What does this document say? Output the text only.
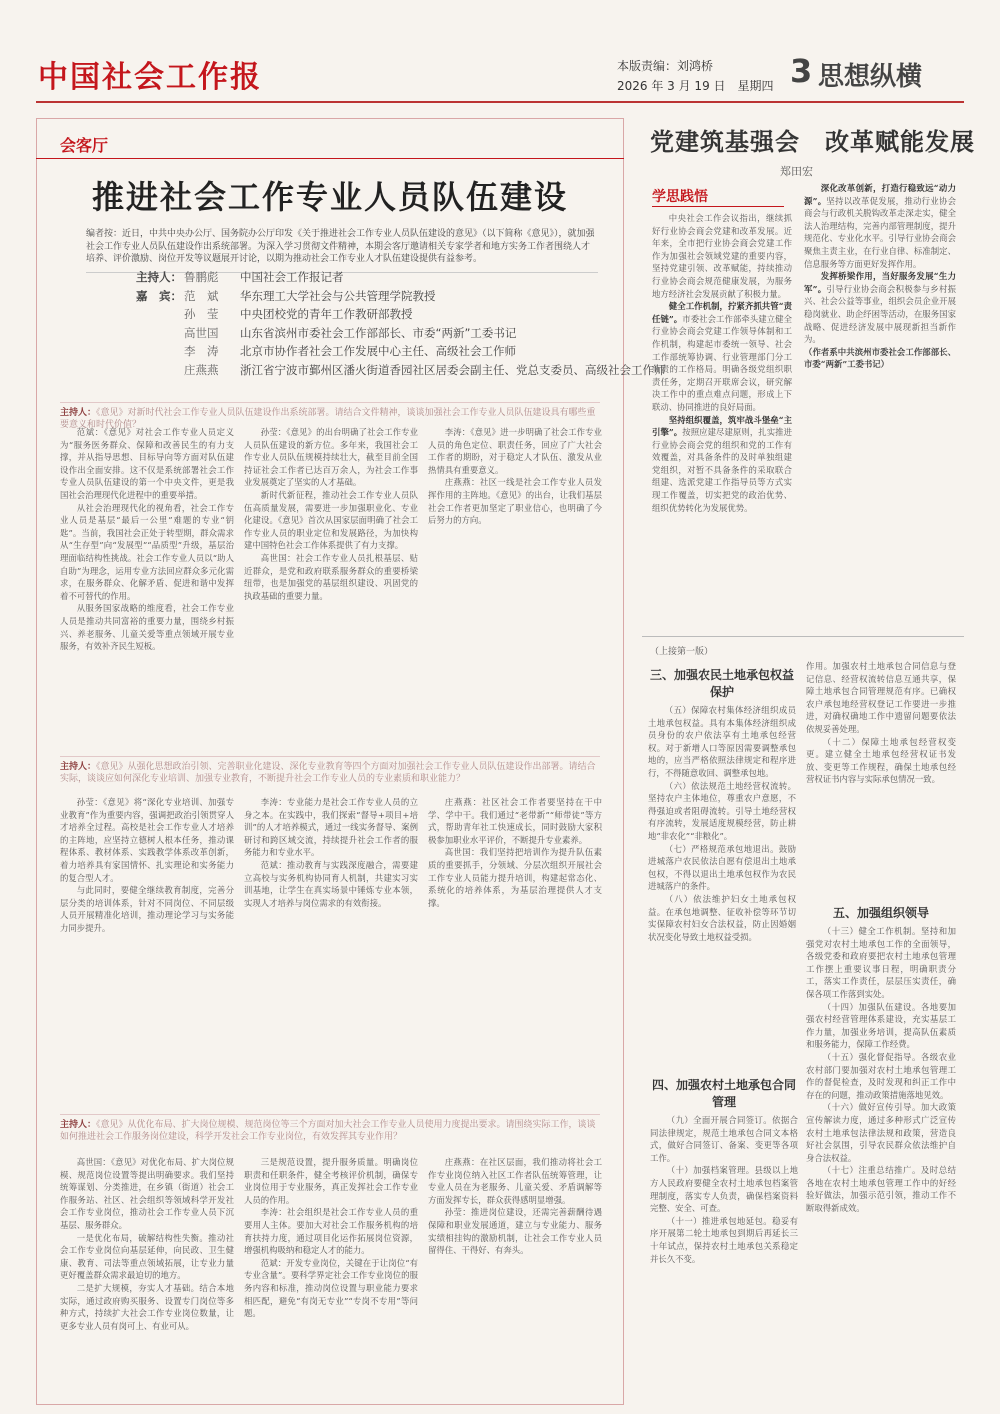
中国社会工作报	本版责编：刘鸿桥
2026 年 3 月 19 日　星期四 3 思想纵横
会客厅
推进社会工作专业人员队伍建设
编者按：近日，中共中央办公厅、国务院办公厅印发《关于推进社会工作专业人员队伍建设的意见》（以下简称《意见》），就加强社会工作专业人员队伍建设作出系统部署。为深入学习贯彻文件精神，本期会客厅邀请相关专家学者和地方实务工作者围绕人才培养、评价激励、岗位开发等议题展开讨论，以期为推动社会工作专业人才队伍建设提供有益参考。
主持人： 鲁鹏彪 中国社会工作报记者
嘉　宾： 范　斌 华东理工大学社会与公共管理学院教授
孙　莹 中央团校党的青年工作教研部教授
高世国 山东省滨州市委社会工作部部长、市委“两新”工委书记
李　涛 北京市协作者社会工作发展中心主任、高级社会工作师
庄燕燕 浙江省宁波市鄞州区潘火街道香园社区居委会副主任、党总支委员、高级社会工作师
主持人：《意见》对新时代社会工作专业人员队伍建设作出系统部署。请结合文件精神，谈谈加强社会工作专业人员队伍建设具有哪些重要意义和时代价值？

范斌：《意见》对社会工作专业人员定义为“服务医务群众、保障和改善民生的有力支撑，并从指导思想、目标导向等方面对队伍建设作出全面安排。这不仅是系统部署社会工作专业人员队伍建设的第一个中央文件，更是我国社会治理现代化进程中的重要举措。

从社会治理现代化的视角看，社会工作专业人员是基层“最后一公里”难题的专业“钥匙”。当前，我国社会正处于转型期，群众需求从“生存型”向“发展型”“品质型”升级，基层治理面临结构性挑战。社会工作专业人员以“助人自助”为理念，运用专业方法回应群众多元化需求，在服务群众、化解矛盾、促进和谐中发挥着不可替代的作用。

从服务国家战略的维度看，社会工作专业人员是推动共同富裕的重要力量，围绕乡村振兴、养老服务、儿童关爱等重点领域开展专业服务，有效补齐民生短板。

孙莹：《意见》的出台明确了社会工作专业人员队伍建设的新方位。多年来，我国社会工作专业人员队伍规模持续壮大，截至目前全国持证社会工作者已达百万余人，为社会工作事业发展奠定了坚实的人才基础。

新时代新征程，推动社会工作专业人员队伍高质量发展，需要进一步加强职业化、专业化建设。《意见》首次从国家层面明确了社会工作专业人员的职业定位和发展路径，为加快构建中国特色社会工作体系提供了有力支撑。

高世国：社会工作专业人员扎根基层、贴近群众，是党和政府联系服务群众的重要桥梁纽带，也是加强党的基层组织建设、巩固党的执政基础的重要力量。

李涛：《意见》进一步明确了社会工作专业人员的角色定位、职责任务，回应了广大社会工作者的期盼，对于稳定人才队伍、激发从业热情具有重要意义。

庄燕燕：社区一线是社会工作专业人员发挥作用的主阵地。《意见》的出台，让我们基层社会工作者更加坚定了职业信心，也明确了今后努力的方向。

主持人：《意见》从强化思想政治引领、完善职业化建设、深化专业教育等四个方面对加强社会工作专业人员队伍建设作出部署。请结合实际，谈谈应如何深化专业培训、加强专业教育，不断提升社会工作专业人员的专业素质和职业能力？

孙莹：《意见》将“深化专业培训、加强专业教育”作为重要内容，强调把政治引领贯穿人才培养全过程。高校是社会工作专业人才培养的主阵地，应坚持立德树人根本任务，推动课程体系、教材体系、实践教学体系改革创新，着力培养具有家国情怀、扎实理论和实务能力的复合型人才。

与此同时，要健全继续教育制度，完善分层分类的培训体系，针对不同岗位、不同层级人员开展精准化培训，推动理论学习与实务能力同步提升。

李涛：专业能力是社会工作专业人员的立身之本。在实践中，我们探索“督导+项目+培训”的人才培养模式，通过一线实务督导、案例研讨和跨区域交流，持续提升社会工作者的服务能力和专业水平。

范斌：推动教育与实践深度融合，需要建立高校与实务机构协同育人机制，共建实习实训基地，让学生在真实场景中锤炼专业本领，实现人才培养与岗位需求的有效衔接。

庄燕燕：社区社会工作者要坚持在干中学、学中干。我们通过“老带新”“师带徒”等方式，帮助青年社工快速成长，同时鼓励大家积极参加职业水平评价，不断提升专业素养。

高世国：我们坚持把培训作为提升队伍素质的重要抓手，分领域、分层次组织开展社会工作专业人员能力提升培训，构建起常态化、系统化的培养体系，为基层治理提供人才支撑。

主持人：《意见》从优化布局、扩大岗位规模、规范岗位等三个方面对加大社会工作专业人员使用力度提出要求。请围绕实际工作，谈谈如何推进社会工作服务岗位建设，科学开发社会工作专业岗位，有效发挥其专业作用？

高世国：《意见》对优化布局、扩大岗位规模、规范岗位设置等提出明确要求。我们坚持统筹谋划、分类推进，在乡镇（街道）社会工作服务站、社区、社会组织等领域科学开发社会工作专业岗位，推动社会工作专业人员下沉基层、服务群众。

一是优化布局，破解结构性失衡。推动社会工作专业岗位向基层延伸，向民政、卫生健康、教育、司法等重点领域拓展，让专业力量更好覆盖群众需求最迫切的地方。

二是扩大规模，夯实人才基础。结合本地实际，通过政府购买服务、设置专门岗位等多种方式，持续扩大社会工作专业岗位数量，让更多专业人员有岗可上、有业可从。

三是规范设置，提升服务质量。明确岗位职责和任职条件，健全考核评价机制，确保专业岗位用于专业服务，真正发挥社会工作专业人员的作用。

李涛：社会组织是社会工作专业人员的重要用人主体。要加大对社会工作服务机构的培育扶持力度，通过项目化运作拓展岗位资源，增强机构吸纳和稳定人才的能力。

范斌：开发专业岗位，关键在于让岗位“有专业含量”。要科学界定社会工作专业岗位的服务内容和标准，推动岗位设置与职业能力要求相匹配，避免“有岗无专业”“专岗不专用”等问题。

庄燕燕：在社区层面，我们推动将社会工作专业岗位纳入社区工作者队伍统筹管理，让专业人员在为老服务、儿童关爱、矛盾调解等方面发挥专长，群众获得感明显增强。

孙莹：推进岗位建设，还需完善薪酬待遇保障和职业发展通道，建立与专业能力、服务实绩相挂钩的激励机制，让社会工作专业人员留得住、干得好、有奔头。

党建筑基强会　改革赋能发展
郑田宏
学思践悟

中央社会工作会议指出，继续抓好行业协会商会党建和改革发展。近年来，全市把行业协会商会党建工作作为加强社会领域党建的重要内容，坚持党建引领、改革赋能，持续推动行业协会商会规范健康发展，为服务地方经济社会发展贡献了积极力量。

健全工作机制，拧紧齐抓共管“责任链”。市委社会工作部牵头建立健全行业协会商会党建工作领导体制和工作机制，构建起市委统一领导、社会工作部统筹协调、行业管理部门分工负责的工作格局。明确各级党组织职责任务，定期召开联席会议，研究解决工作中的重点难点问题，形成上下联动、协同推进的良好局面。

坚持组织覆盖，筑牢战斗堡垒“主引擎”。按照应建尽建原则，扎实推进行业协会商会党的组织和党的工作有效覆盖，对具备条件的及时单独组建党组织，对暂不具备条件的采取联合组建、选派党建工作指导员等方式实现工作覆盖，切实把党的政治优势、组织优势转化为发展优势。

深化改革创新，打造行稳致远“动力源”。坚持以改革促发展，推动行业协会商会与行政机关脱钩改革走深走实，健全法人治理结构，完善内部管理制度，提升规范化、专业化水平。引导行业协会商会聚焦主责主业，在行业自律、标准制定、信息服务等方面更好发挥作用。

发挥桥梁作用，当好服务发展“生力军”。引导行业协会商会积极参与乡村振兴、社会公益等事业，组织会员企业开展稳岗就业、助企纾困等活动，在服务国家战略、促进经济发展中展现新担当新作为。

（作者系中共滨州市委社会工作部部长、市委“两新”工委书记）

（上接第一版）
三、加强农民土地承包权益保护

（五）保障农村集体经济组织成员土地承包权益。具有本集体经济组织成员身份的农户依法享有土地承包经营权。对于新增人口等原因需要调整承包地的，应当严格依照法律规定和程序进行，不得随意收回、调整承包地。

（六）依法规范土地经营权流转。坚持农户主体地位，尊重农户意愿，不得强迫或者阻碍流转。引导土地经营权有序流转，发展适度规模经营，防止耕地“非农化”“非粮化”。

（七）严格规范承包地退出。鼓励进城落户农民依法自愿有偿退出土地承包权，不得以退出土地承包权作为农民进城落户的条件。

（八）依法维护妇女土地承包权益。在承包地调整、征收补偿等环节切实保障农村妇女合法权益，防止因婚姻状况变化导致土地权益受损。

四、加强农村土地承包合同管理

（九）全面开展合同签订。依据合同法律规定，规范土地承包合同文本格式，做好合同签订、备案、变更等各项工作。

（十）加强档案管理。县级以上地方人民政府要健全农村土地承包档案管理制度，落实专人负责，确保档案资料完整、安全、可查。

（十一）推进承包地延包。稳妥有序开展第二轮土地承包到期后再延长三十年试点，保持农村土地承包关系稳定并长久不变。

作用。加强农村土地承包合同信息与登记信息、经营权流转信息互通共享，保障土地承包合同管理规范有序。已确权农户承包地经营权登记工作要进一步推进，对确权确地工作中遗留问题要依法依规妥善处理。

（十二）保障土地承包经营权变更。建立健全土地承包经营权证书发放、变更等工作规程，确保土地承包经营权证书内容与实际承包情况一致。

五、加强组织领导

（十三）健全工作机制。坚持和加强党对农村土地承包工作的全面领导，各级党委和政府要把农村土地承包管理工作摆上重要议事日程，明确职责分工，落实工作责任，层层压实责任，确保各项工作落到实处。

（十四）加强队伍建设。各地要加强农村经营管理体系建设，充实基层工作力量，加强业务培训，提高队伍素质和服务能力，保障工作经费。

（十五）强化督促指导。各级农业农村部门要加强对农村土地承包管理工作的督促检查，及时发现和纠正工作中存在的问题，推动政策措施落地见效。

（十六）做好宣传引导。加大政策宣传解读力度，通过多种形式广泛宣传农村土地承包法律法规和政策，营造良好社会氛围，引导农民群众依法维护自身合法权益。

（十七）注重总结推广。及时总结各地在农村土地承包管理工作中的好经验好做法，加强示范引领，推动工作不断取得新成效。
